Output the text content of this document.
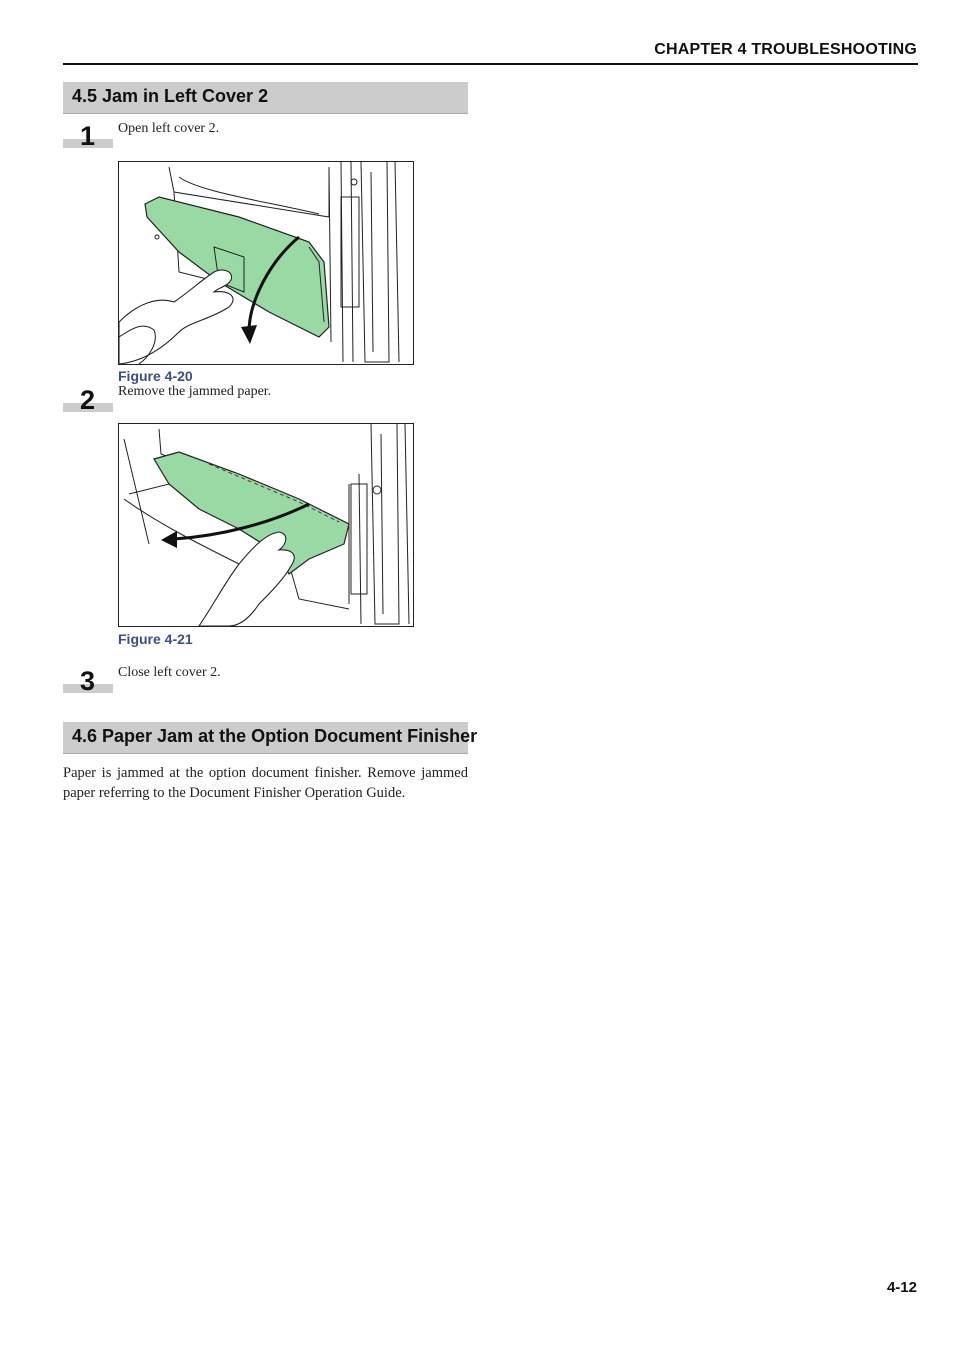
CHAPTER 4 TROUBLESHOOTING
4.5 Jam in Left Cover 2
1 Open left cover 2.
Figure 4-20
2 Remove the jammed paper.
Figure 4-21
3 Close left cover 2.
4.6 Paper Jam at the Option Document Finisher
Paper is jammed at the option document finisher. Remove jammed paper referring to the Document Finisher Operation Guide.
4-12
